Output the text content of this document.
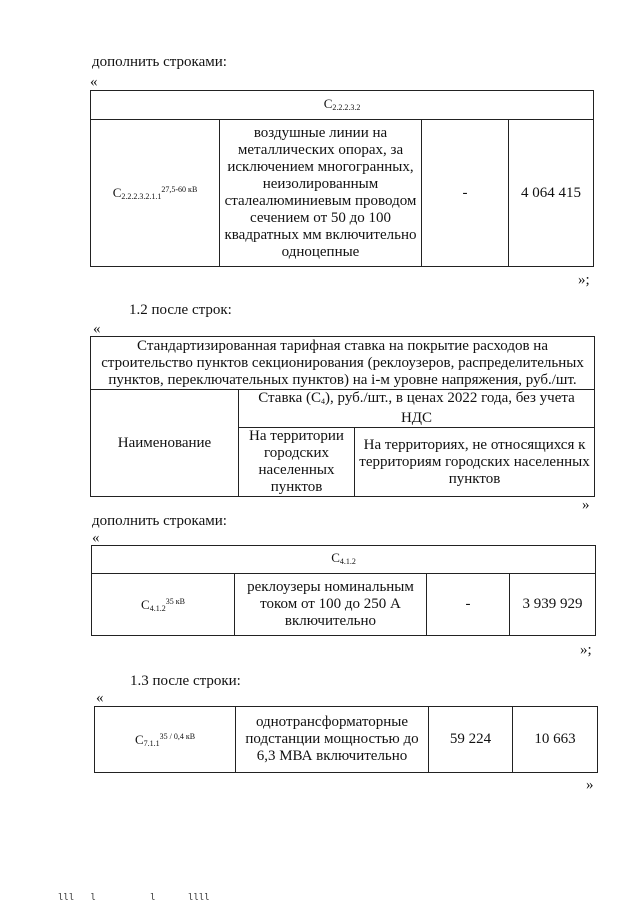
дополнить строками:
«
C2.2.2.3.2
$C_{2.2.2.3.2.1.1}^{27,5-60 кВ}$	воздушные линии на металлических опорах, за исключением многогранных, неизолированным сталеалюминиевым проводом сечением от 50 до 100 квадратных мм включительно одноцепные	-	4 064 415
»;
1.2 после строк:
«
Стандартизированная тарифная ставка на покрытие расходов на строительство пунктов секционирования (реклоузеров, распределительных пунктов, переключательных пунктов) на i-м уровне напряжения, руб./шт.		
Наименование	Ставка $(C_4)$, руб./шт., в ценах 2022 года, без учета НДС	
	На территории городских населенных пунктов	На территориях, не относящихся к территориям городских населенных пунктов
»
дополнить строками:
«
C4.1.2
$C_{4.1.2}^{35 кВ}$	реклоузеры номинальным током от 100 до 250 А включительно	-	3 939 929
»;
1.3 после строки:
«
$C_{7.1.1}^{35 / 0,4 кВ}$	однотрансформаторные подстанции мощностью до 6,3 МВА включительно	59 224	10 663
»
lll   l          l      llll
